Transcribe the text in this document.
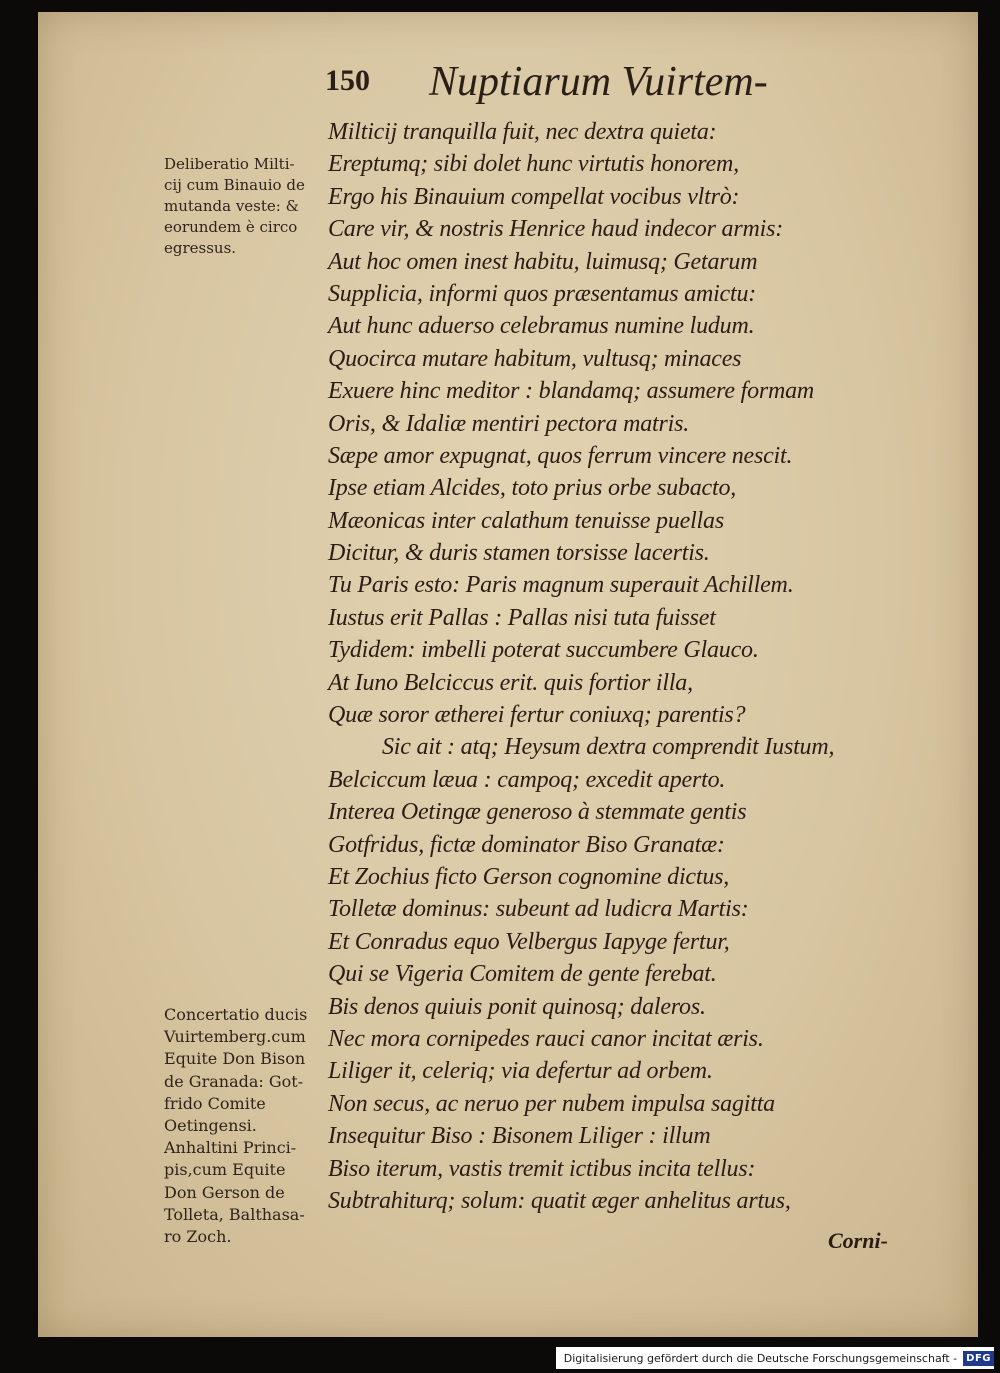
150 Nuptiarum Vuirtem-
Deliberatio Milti-
cij cum Binauio de
mutanda veste: &
eorundem è circo
egressus.
Concertatio ducis
Vuirtemberg.cum
Equite Don Bison
de Granada: Got-
frido Comite
Oetingensi.
Anhaltini Princi-
pis,cum Equite
Don Gerson de
Tolleta, Balthasa-
ro Zoch.
Milticij tranquilla fuit, nec dextra quieta:
Ereptumq; sibi dolet hunc virtutis honorem,
Ergo his Binauium compellat vocibus vltrò:
Care vir, & nostris Henrice haud indecor armis:
Aut hoc omen inest habitu, luimusq; Getarum
Supplicia, informi quos præsentamus amictu:
Aut hunc aduerso celebramus numine ludum.
Quocirca mutare habitum, vultusq; minaces
Exuere hinc meditor : blandamq; assumere formam
Oris, & Idaliæ mentiri pectora matris.
Sæpe amor expugnat, quos ferrum vincere nescit.
Ipse etiam Alcides, toto prius orbe subacto,
Mæonicas inter calathum tenuisse puellas
Dicitur, & duris stamen torsisse lacertis.
Tu Paris esto: Paris magnum superauit Achillem.
Iustus erit Pallas : Pallas nisi tuta fuisset
Tydidem: imbelli poterat succumbere Glauco.
At Iuno Belciccus erit. quis fortior illa,
Quæ soror ætherei fertur coniuxq; parentis?
Sic ait : atq; Heysum dextra comprendit Iustum,
Belciccum læua : campoq; excedit aperto.
Interea Oetingæ generoso à stemmate gentis
Gotfridus, fictæ dominator Biso Granatæ:
Et Zochius ficto Gerson cognomine dictus,
Tolletæ dominus: subeunt ad ludicra Martis:
Et Conradus equo Velbergus Iapyge fertur,
Qui se Vigeria Comitem de gente ferebat.
Bis denos quiuis ponit quinosq; daleros.
Nec mora cornipedes rauci canor incitat æris.
Liliger it, celeriq; via defertur ad orbem.
Non secus, ac neruo per nubem impulsa sagitta
Insequitur Biso : Bisonem Liliger : illum
Biso iterum, vastis tremit ictibus incita tellus:
Subtrahiturq; solum: quatit æger anhelitus artus,
Corni-
Digitalisierung gefördert durch die Deutsche Forschungsgemeinschaft - DFG
